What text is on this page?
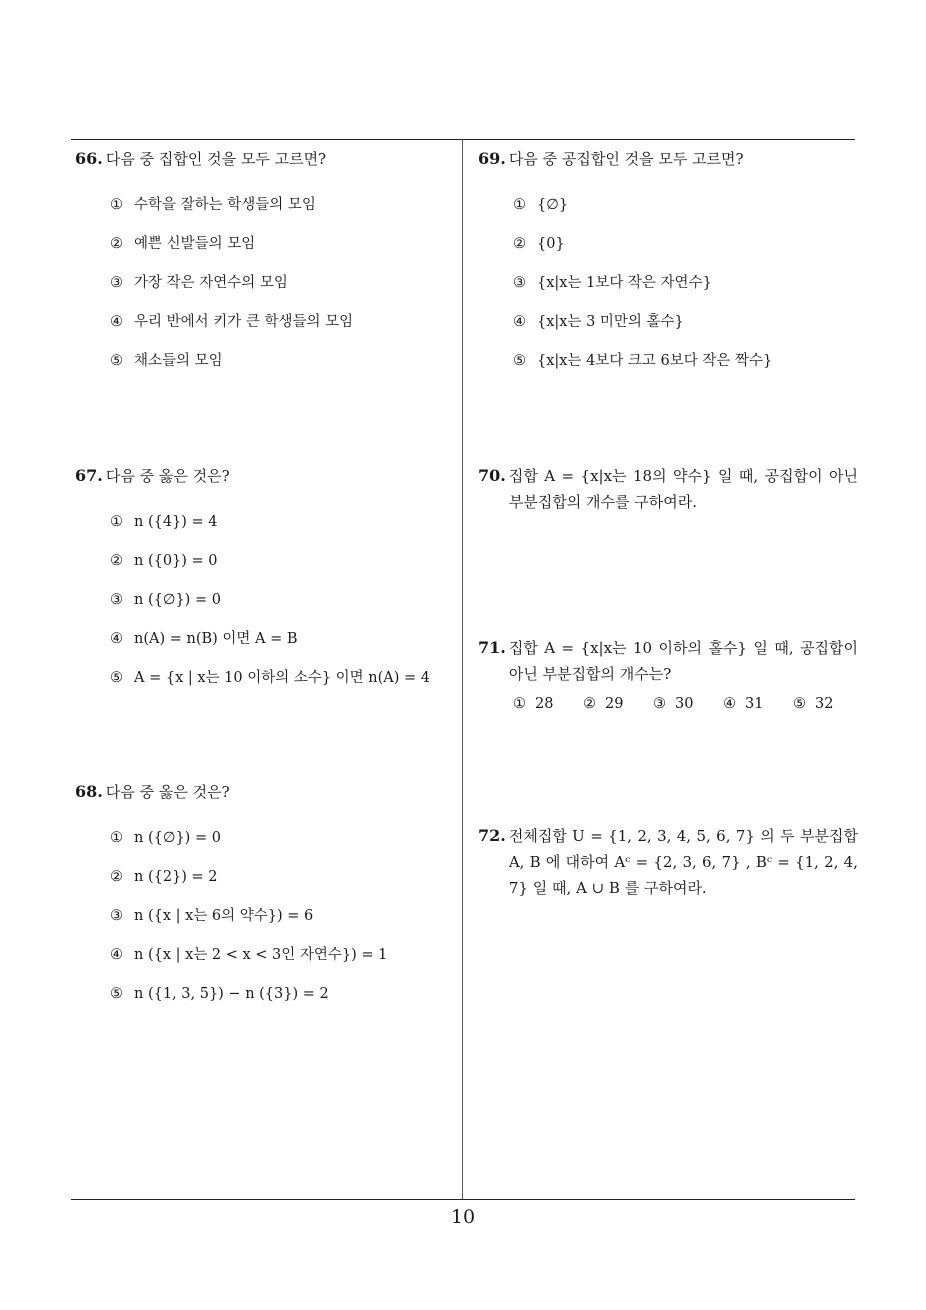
66. 다음 중 집합인 것을 모두 고르면?
① 수학을 잘하는 학생들의 모임
② 예쁜 신발들의 모임
③ 가장 작은 자연수의 모임
④ 우리 반에서 키가 큰 학생들의 모임
⑤ 채소들의 모임
67. 다음 중 옳은 것은?
① n ({4}) = 4
② n ({0}) = 0
③ n ({∅}) = 0
④ n(A) = n(B) 이면 A = B
⑤ A = {x | x는 10 이하의 소수} 이면 n(A) = 4
68. 다음 중 옳은 것은?
① n ({∅}) = 0
② n ({2}) = 2
③ n ({x | x는 6의 약수}) = 6
④ n ({x | x는 2 < x < 3인 자연수}) = 1
⑤ n ({1, 3, 5}) − n ({3}) = 2
69. 다음 중 공집합인 것을 모두 고르면?
① {∅}
② {0}
③ {x|x는 1보다 작은 자연수}
④ {x|x는 3 미만의 홀수}
⑤ {x|x는 4보다 크고 6보다 작은 짝수}
70. 집합 A = {x|x는 18의 약수} 일 때, 공집합이 아닌 부분집합의 개수를 구하여라.
71. 집합 A = {x|x는 10 이하의 홀수} 일 때, 공집합이 아닌 부분집합의 개수는?
① 28	② 29	③ 30	④ 31	⑤ 32
72. 전체집합 U = {1, 2, 3, 4, 5, 6, 7} 의 두 부분집합 A, B 에 대하여 Aᶜ = {2, 3, 6, 7} , Bᶜ = {1, 2, 4, 7} 일 때, A ∪ B 를 구하여라.
10
